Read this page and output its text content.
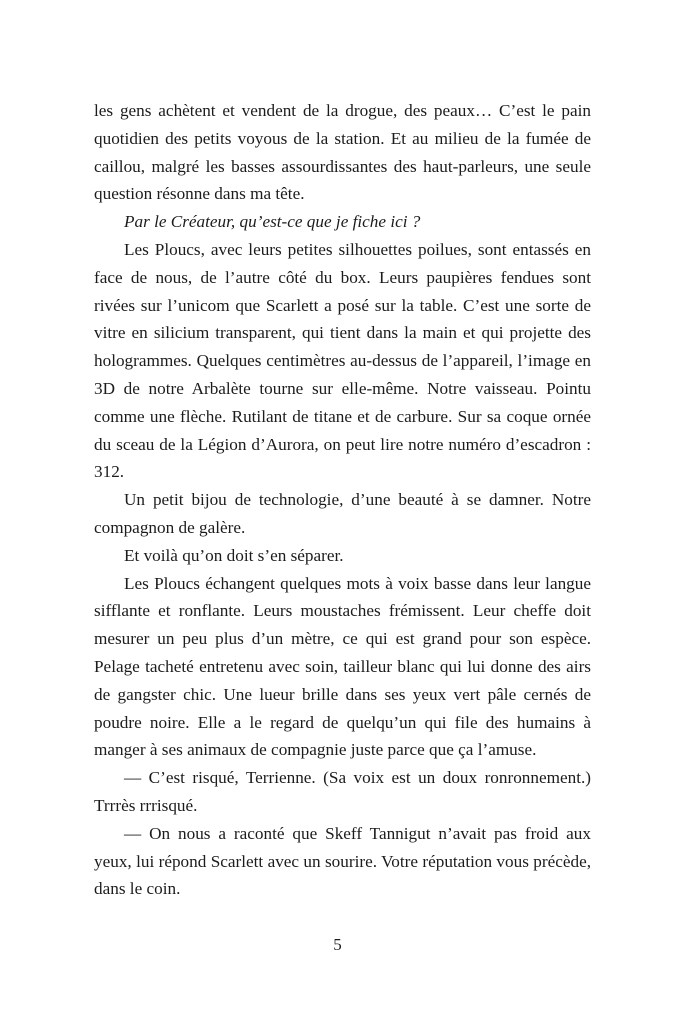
les gens achètent et vendent de la drogue, des peaux… C’est le pain quotidien des petits voyous de la station. Et au milieu de la fumée de caillou, malgré les basses assourdissantes des haut-parleurs, une seule question résonne dans ma tête.

Par le Créateur, qu’est-ce que je fiche ici ?

Les Ploucs, avec leurs petites silhouettes poilues, sont entassés en face de nous, de l’autre côté du box. Leurs paupières fendues sont rivées sur l’unicom que Scarlett a posé sur la table. C’est une sorte de vitre en silicium transparent, qui tient dans la main et qui projette des hologrammes. Quelques centimètres au-dessus de l’appareil, l’image en 3D de notre Arbalète tourne sur elle-même. Notre vaisseau. Pointu comme une flèche. Rutilant de titane et de carbure. Sur sa coque ornée du sceau de la Légion d’Aurora, on peut lire notre numéro d’escadron : 312.

Un petit bijou de technologie, d’une beauté à se damner. Notre compagnon de galère.

Et voilà qu’on doit s’en séparer.

Les Ploucs échangent quelques mots à voix basse dans leur langue sifflante et ronflante. Leurs moustaches frémissent. Leur cheffe doit mesurer un peu plus d’un mètre, ce qui est grand pour son espèce. Pelage tacheté entretenu avec soin, tailleur blanc qui lui donne des airs de gangster chic. Une lueur brille dans ses yeux vert pâle cernés de poudre noire. Elle a le regard de quelqu’un qui file des humains à manger à ses animaux de compagnie juste parce que ça l’amuse.

— C’est risqué, Terrienne. (Sa voix est un doux ronronnement.) Trrrès rrrisqué.

— On nous a raconté que Skeff Tannigut n’avait pas froid aux yeux, lui répond Scarlett avec un sourire. Votre réputation vous précède, dans le coin.

5
